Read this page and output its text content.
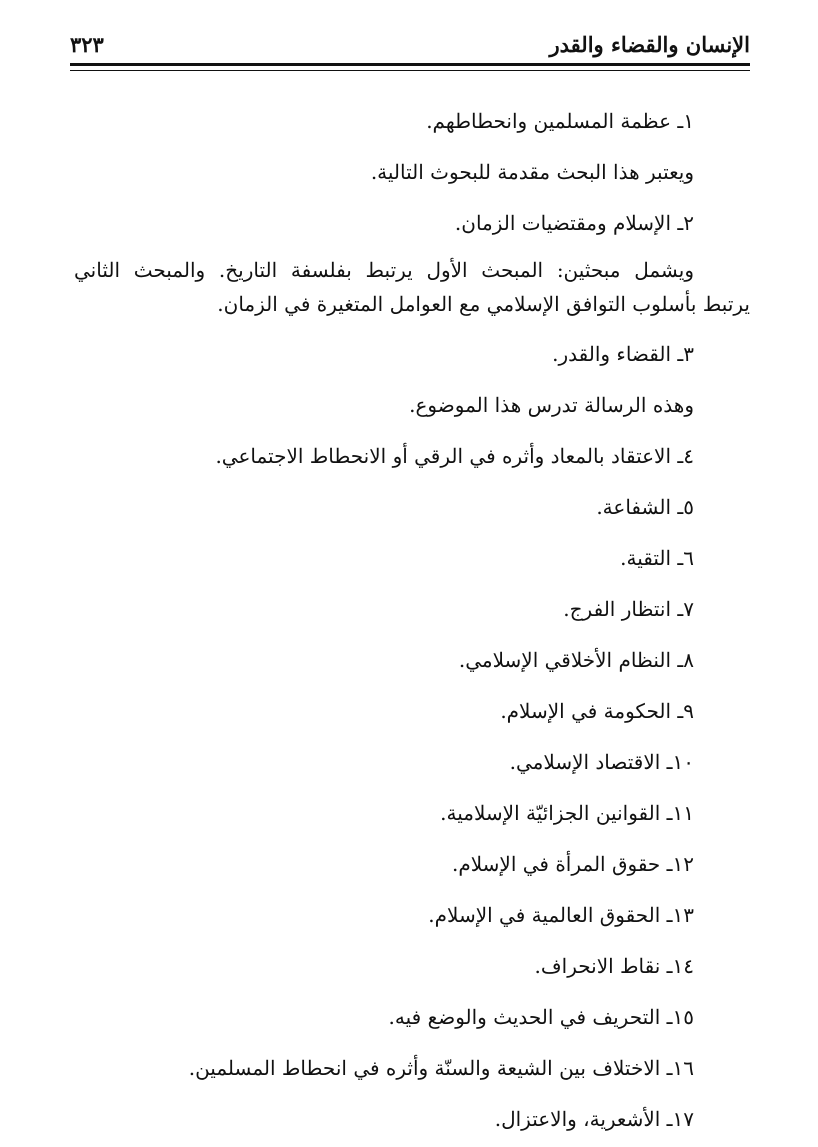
الإنسان والقضاء والقدر
٣٢٣
١ـ عظمة المسلمين وانحطاطهم.
ويعتبر هذا البحث مقدمة للبحوث التالية.
٢ـ الإسلام ومقتضيات الزمان.
ويشمل مبحثين: المبحث الأول يرتبط بفلسفة التاريخ. والمبحث الثاني
يرتبط بأسلوب التوافق الإسلامي مع العوامل المتغيرة في الزمان.
٣ـ القضاء والقدر.
وهذه الرسالة تدرس هذا الموضوع.
٤ـ الاعتقاد بالمعاد وأثره في الرقي أو الانحطاط الاجتماعي.
٥ـ الشفاعة.
٦ـ التقية.
٧ـ انتظار الفرج.
٨ـ النظام الأخلاقي الإسلامي.
٩ـ الحكومة في الإسلام.
١٠ـ الاقتصاد الإسلامي.
١١ـ القوانين الجزائيّة الإسلامية.
١٢ـ حقوق المرأة في الإسلام.
١٣ـ الحقوق العالمية في الإسلام.
١٤ـ نقاط الانحراف.
١٥ـ التحريف في الحديث والوضع فيه.
١٦ـ الاختلاف بين الشيعة والسنّة وأثره في انحطاط المسلمين.
١٧ـ الأشعرية، والاعتزال.
